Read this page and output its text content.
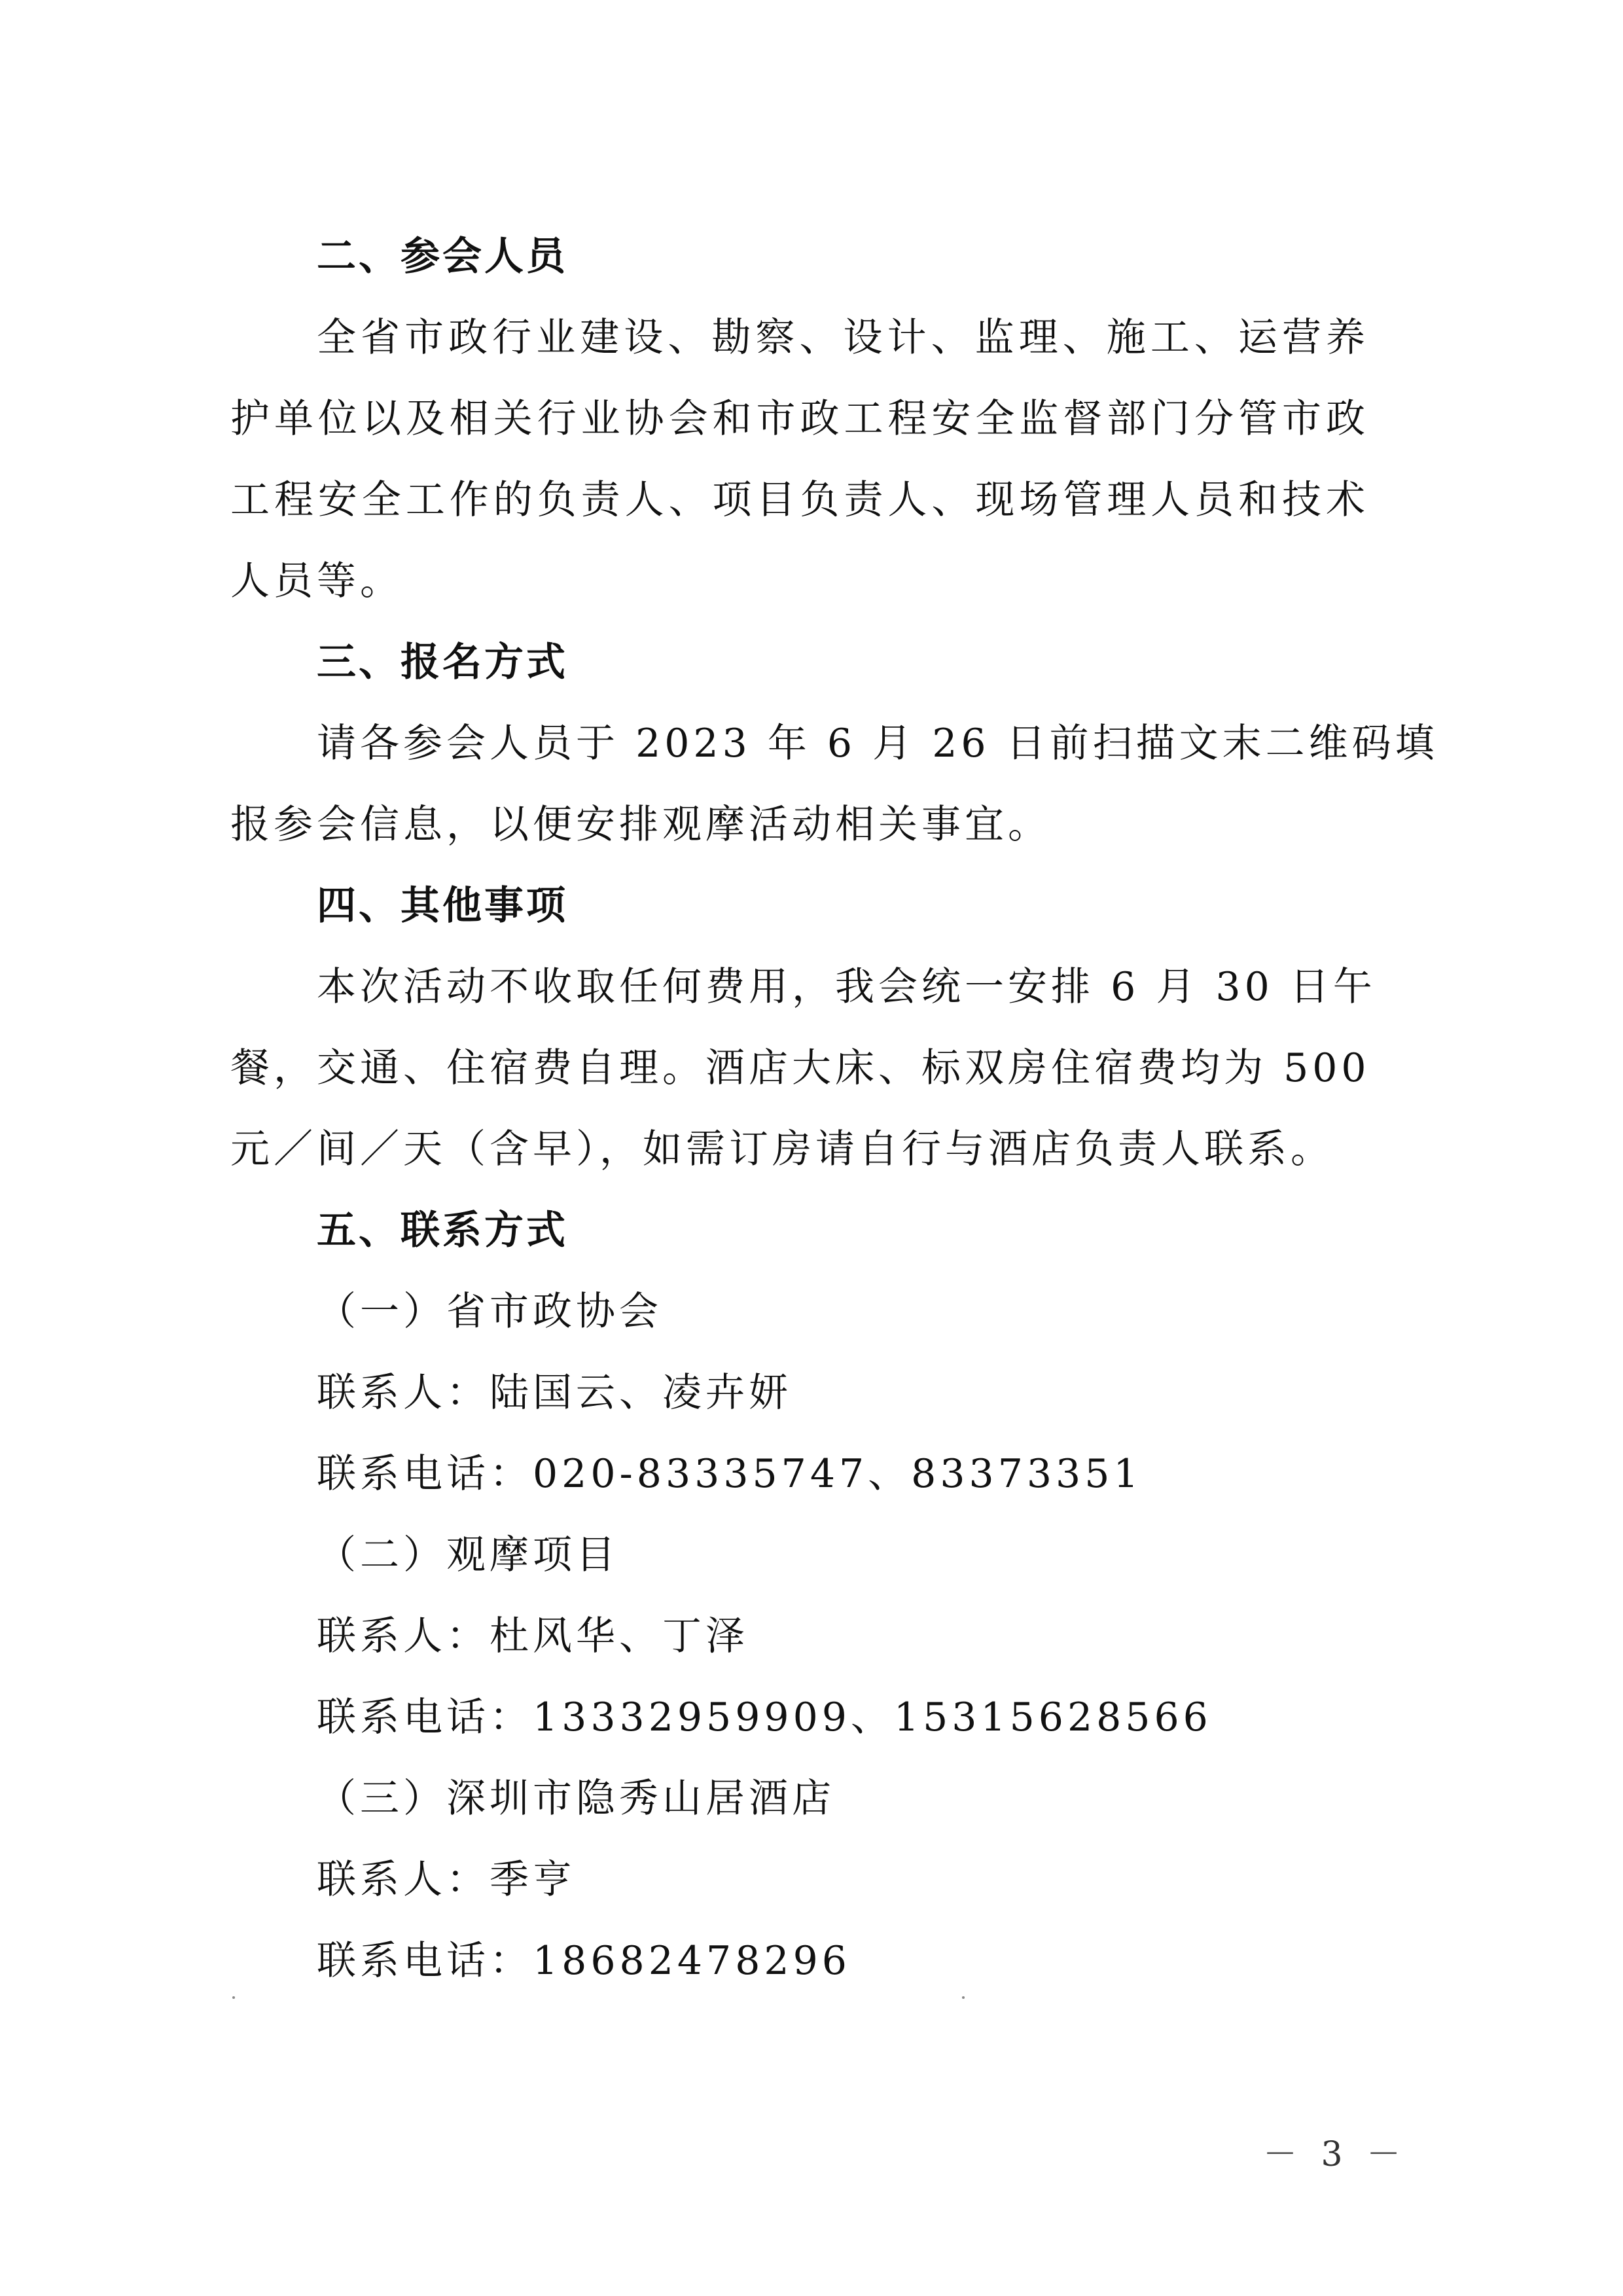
二、参会人员
全省市政行业建设、勘察、设计、监理、施工、运营养
护单位以及相关行业协会和市政工程安全监督部门分管市政
工程安全工作的负责人、项目负责人、现场管理人员和技术
人员等。
三、报名方式
请各参会人员于 2023 年 6 月 26 日前扫描文末二维码填
报参会信息，以便安排观摩活动相关事宜。
四、其他事项
本次活动不收取任何费用，我会统一安排 6 月 30 日午
餐，交通、住宿费自理。酒店大床、标双房住宿费均为 500
元／间／天（含早），如需订房请自行与酒店负责人联系。
五、联系方式
（一）省市政协会
联系人：陆国云、凌卉妍
联系电话：020-83335747、83373351
（二）观摩项目
联系人：杜风华、丁泽
联系电话：13332959909、15315628566
（三）深圳市隐秀山居酒店
联系人：季亨
联系电话：18682478296
－ 3 －
